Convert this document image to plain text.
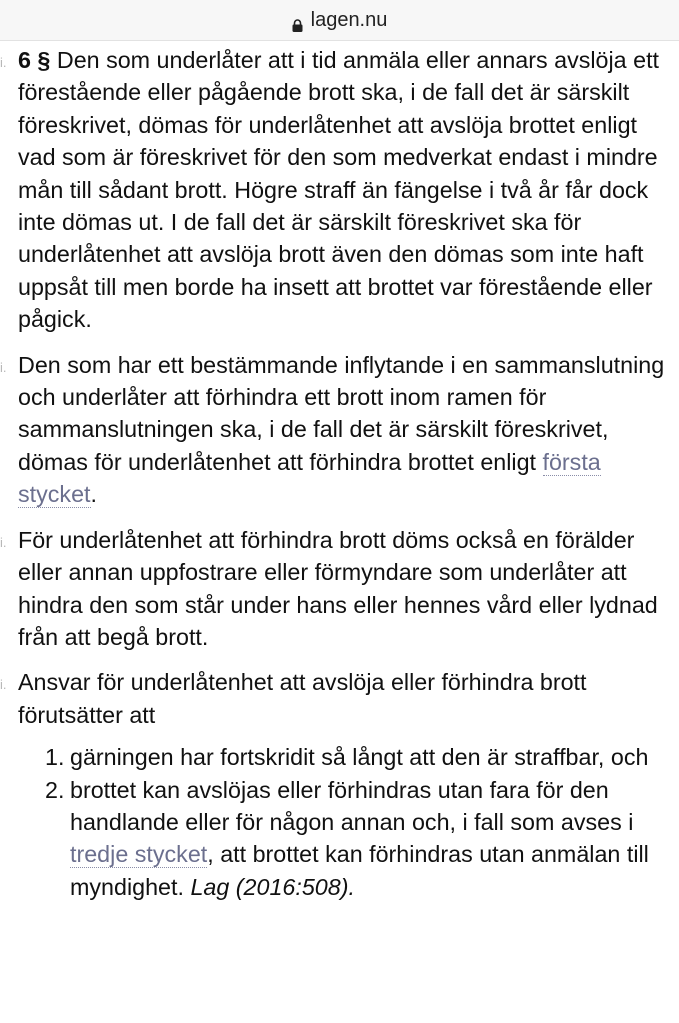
lagen.nu
i. 6 § Den som underlåter att i tid anmäla eller annars avslöja ett förestående eller pågående brott ska, i de fall det är särskilt föreskrivet, dömas för underlåtenhet att avslöja brottet enligt vad som är föreskrivet för den som medverkat endast i mindre mån till sådant brott. Högre straff än fängelse i två år får dock inte dömas ut. I de fall det är särskilt föreskrivet ska för underlåtenhet att avslöja brott även den dömas som inte haft uppsåt till men borde ha insett att brottet var förestående eller pågick.
i. Den som har ett bestämmande inflytande i en sammanslutning och underlåter att förhindra ett brott inom ramen för sammanslutningen ska, i de fall det är särskilt föreskrivet, dömas för underlåtenhet att förhindra brottet enligt första stycket.
i. För underlåtenhet att förhindra brott döms också en förälder eller annan uppfostrare eller förmyndare som underlåter att hindra den som står under hans eller hennes vård eller lydnad från att begå brott.
i. Ansvar för underlåtenhet att avslöja eller förhindra brott förutsätter att
1. gärningen har fortskridit så långt att den är straffbar, och
2. brottet kan avslöjas eller förhindras utan fara för den handlande eller för någon annan och, i fall som avses i tredje stycket, att brottet kan förhindras utan anmälan till myndighet. Lag (2016:508).
